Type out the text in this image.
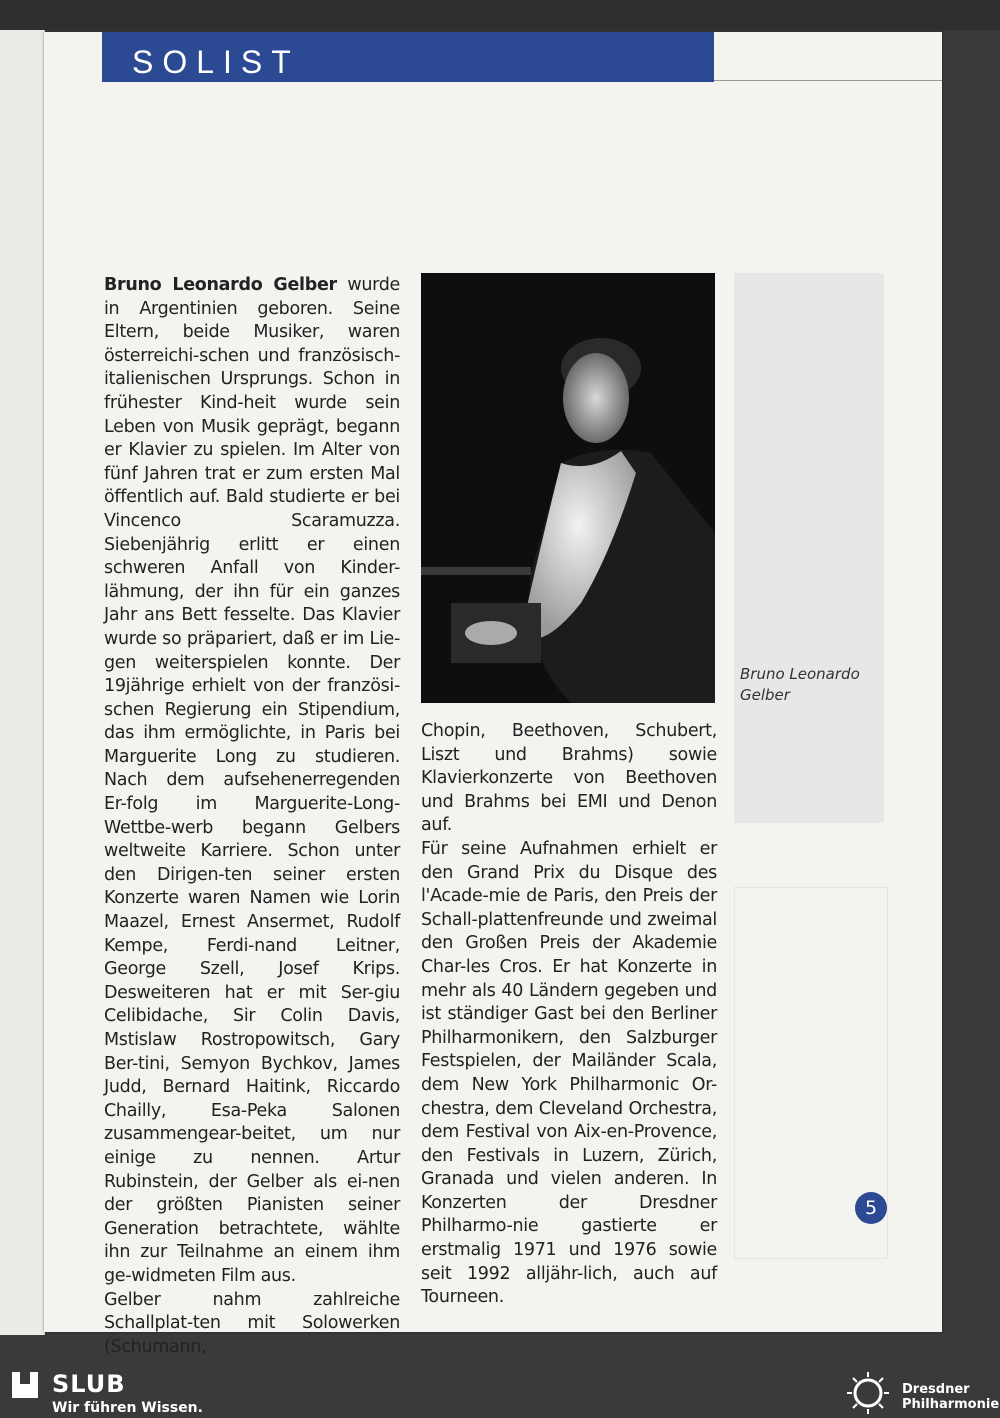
SOLIST

Bruno Leonardo Gelber wurde in Argentinien geboren. Seine Eltern, beide Musiker, waren österreichi-schen und französisch-italienischen Ursprungs. Schon in frühester Kind-heit wurde sein Leben von Musik geprägt, begann er Klavier zu spielen. Im Alter von fünf Jahren trat er zum ersten Mal öffentlich auf. Bald studierte er bei Vincenco Scaramuzza. Siebenjährig erlitt er einen schweren Anfall von Kinder-lähmung, der ihn für ein ganzes Jahr ans Bett fesselte. Das Klavier wurde so präpariert, daß er im Lie-gen weiterspielen konnte. Der 19jährige erhielt von der französi-schen Regierung ein Stipendium, das ihm ermöglichte, in Paris bei Marguerite Long zu studieren. Nach dem aufsehenerregenden Er-folg im Marguerite-Long-Wettbe-werb begann Gelbers weltweite Karriere. Schon unter den Dirigen-ten seiner ersten Konzerte waren Namen wie Lorin Maazel, Ernest Ansermet, Rudolf Kempe, Ferdi-nand Leitner, George Szell, Josef Krips. Desweiteren hat er mit Ser-giu Celibidache, Sir Colin Davis, Mstislaw Rostropowitsch, Gary Ber-tini, Semyon Bychkov, James Judd, Bernard Haitink, Riccardo Chailly, Esa-Peka Salonen zusammengear-beitet, um nur einige zu nennen. Artur Rubinstein, der Gelber als ei-nen der größten Pianisten seiner Generation betrachtete, wählte ihn zur Teilnahme an einem ihm ge-widmeten Film aus.

Gelber nahm zahlreiche Schallplat-ten mit Solowerken (Schumann,

Bruno Leonardo Gelber

Chopin, Beethoven, Schubert, Liszt und Brahms) sowie Klavierkonzerte von Beethoven und Brahms bei EMI und Denon auf.

Für seine Aufnahmen erhielt er den Grand Prix du Disque des l'Acade-mie de Paris, den Preis der Schall-plattenfreunde und zweimal den Großen Preis der Akademie Char-les Cros. Er hat Konzerte in mehr als 40 Ländern gegeben und ist ständiger Gast bei den Berliner Philharmonikern, den Salzburger Festspielen, der Mailänder Scala, dem New York Philharmonic Or-chestra, dem Cleveland Orchestra, dem Festival von Aix-en-Provence, den Festivals in Luzern, Zürich, Granada und vielen anderen. In Konzerten der Dresdner Philharmo-nie gastierte er erstmalig 1971 und 1976 sowie seit 1992 alljähr-lich, auch auf Tourneen.

5
SLUB
Wir führen Wissen.
Dresdner
Philharmonie
